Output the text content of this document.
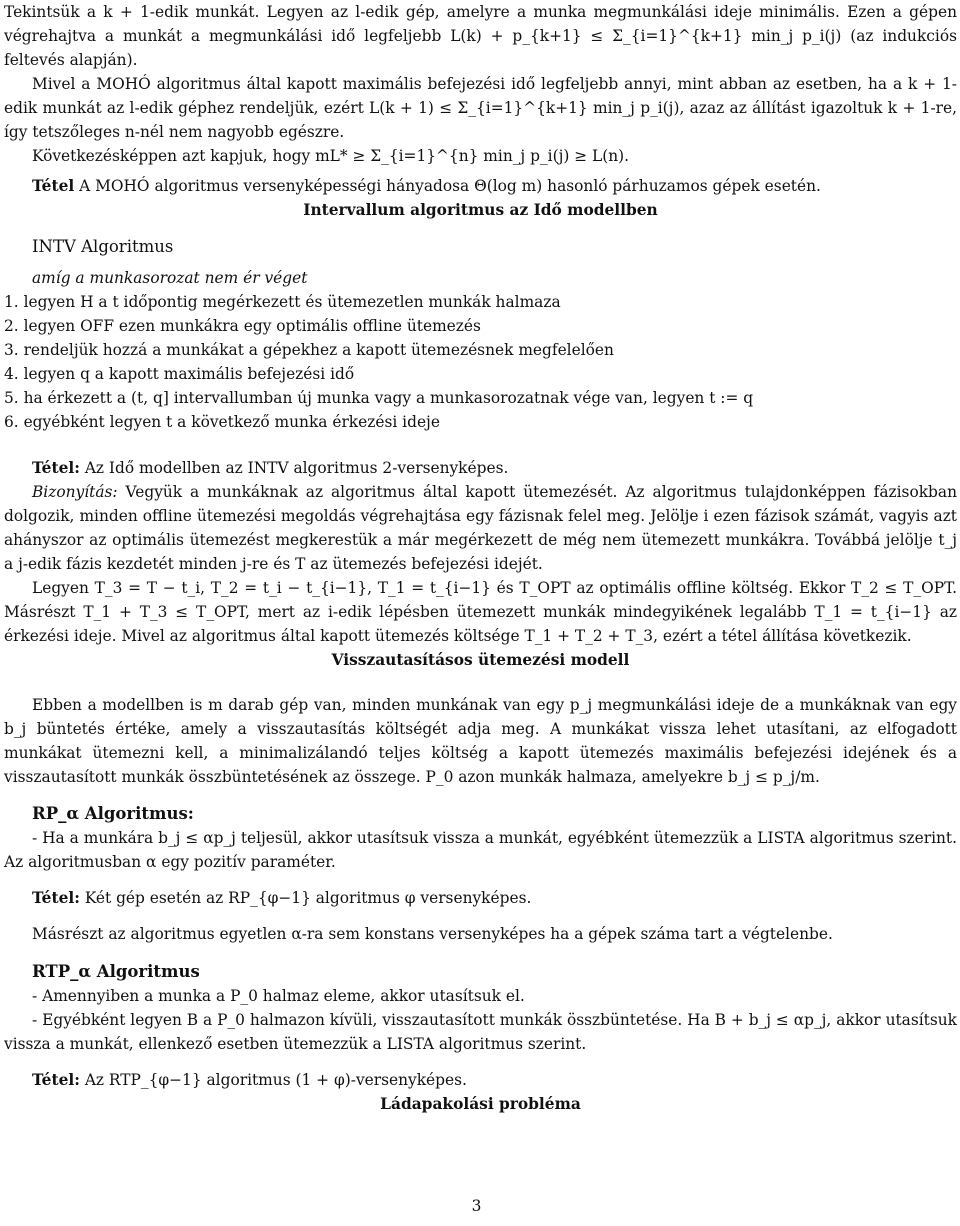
Tekintsük a k + 1-edik munkát. Legyen az l-edik gép, amelyre a munka megmunkálási ideje minimális. Ezen a gépen végrehajtva a munkát a megmunkálási idő legfeljebb L(k) + p_{k+1} ≤ Σ_{i=1}^{k+1} min_j p_i(j) (az indukciós feltevés alapján).

Mivel a MOHÓ algoritmus által kapott maximális befejezési idő legfeljebb annyi, mint abban az esetben, ha a k + 1-edik munkát az l-edik géphez rendeljük, ezért L(k + 1) ≤ Σ_{i=1}^{k+1} min_j p_i(j), azaz az állítást igazoltuk k + 1-re, így tetszőleges n-nél nem nagyobb egészre.

Következésképpen azt kapjuk, hogy mL* ≥ Σ_{i=1}^{n} min_j p_i(j) ≥ L(n).

Tétel A MOHÓ algoritmus versenyképességi hányadosa Θ(log m) hasonló párhuzamos gépek esetén.

Intervallum algoritmus az Idő modellben

INTV Algoritmus

amíg a munkasorozat nem ér véget

1. legyen H a t időpontig megérkezett és ütemezetlen munkák halmaza

2. legyen OFF ezen munkákra egy optimális offline ütemezés

3. rendeljük hozzá a munkákat a gépekhez a kapott ütemezésnek megfelelően

4. legyen q a kapott maximális befejezési idő

5. ha érkezett a (t, q] intervallumban új munka vagy a munkasorozatnak vége van, legyen t := q

6. egyébként legyen t a következő munka érkezési ideje

Tétel: Az Idő modellben az INTV algoritmus 2-versenyképes.

Bizonyítás: Vegyük a munkáknak az algoritmus által kapott ütemezését. Az algoritmus tulajdonképpen fázisokban dolgozik, minden offline ütemezési megoldás végrehajtása egy fázisnak felel meg. Jelölje i ezen fázisok számát, vagyis azt ahányszor az optimális ütemezést megkerestük a már megérkezett de még nem ütemezett munkákra. Továbbá jelölje t_j a j-edik fázis kezdetét minden j-re és T az ütemezés befejezési idejét.

Legyen T_3 = T − t_i, T_2 = t_i − t_{i−1}, T_1 = t_{i−1} és T_OPT az optimális offline költség. Ekkor T_2 ≤ T_OPT. Másrészt T_1 + T_3 ≤ T_OPT, mert az i-edik lépésben ütemezett munkák mindegyikének legalább T_1 = t_{i−1} az érkezési ideje. Mivel az algoritmus által kapott ütemezés költsége T_1 + T_2 + T_3, ezért a tétel állítása következik.

Visszautasításos ütemezési modell

Ebben a modellben is m darab gép van, minden munkának van egy p_j megmunkálási ideje de a munkáknak van egy b_j büntetés értéke, amely a visszautasítás költségét adja meg. A munkákat vissza lehet utasítani, az elfogadott munkákat ütemezni kell, a minimalizálandó teljes költség a kapott ütemezés maximális befejezési idejének és a visszautasított munkák összbüntetésének az összege. P_0 azon munkák halmaza, amelyekre b_j ≤ p_j/m.

RP_α Algoritmus:

- Ha a munkára b_j ≤ αp_j teljesül, akkor utasítsuk vissza a munkát, egyébként ütemezzük a LISTA algoritmus szerint. Az algoritmusban α egy pozitív paraméter.

Tétel: Két gép esetén az RP_{φ−1} algoritmus φ versenyképes.

Másrészt az algoritmus egyetlen α-ra sem konstans versenyképes ha a gépek száma tart a végtelenbe.

RTP_α Algoritmus

- Amennyiben a munka a P_0 halmaz eleme, akkor utasítsuk el.

- Egyébként legyen B a P_0 halmazon kívüli, visszautasított munkák összbüntetése. Ha B + b_j ≤ αp_j, akkor utasítsuk vissza a munkát, ellenkező esetben ütemezzük a LISTA algoritmus szerint.

Tétel: Az RTP_{φ−1} algoritmus (1 + φ)-versenyképes.

Ládapakolási probléma

3
